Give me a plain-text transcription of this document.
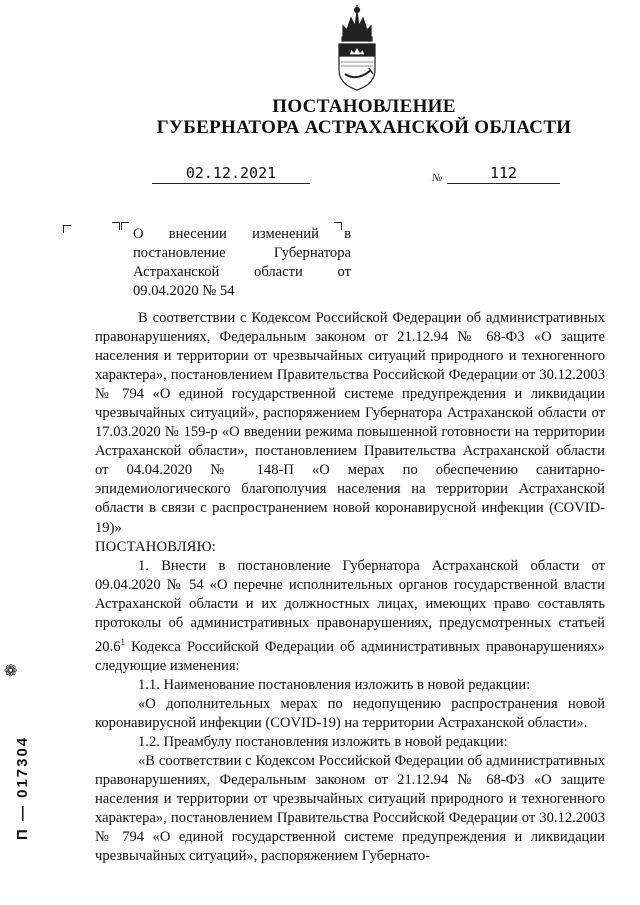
ПОСТАНОВЛЕНИЕ
ГУБЕРНАТОРА АСТРАХАНСКОЙ ОБЛАСТИ
02.12.2021	№	112
О внесении изменений в постановление Губернатора Астраханской области от 09.04.2020 № 54

В соответствии с Кодексом Российской Федерации об административных правонарушениях, Федеральным законом от 21.12.94 № 68-ФЗ «О защите населения и территории от чрезвычайных ситуаций природного и техногенного характера», постановлением Правительства Российской Федерации от 30.12.2003 № 794 «О единой государственной системе предупреждения и ликвидации чрезвычайных ситуаций», распоряжением Губернатора Астраханской области от 17.03.2020 № 159-р «О введении режима повышенной готовности на территории Астраханской области», постановлением Правительства Астраханской области от 04.04.2020 № 148-П «О мерах по обеспечению санитарно-эпидемиологического благополучия населения на территории Астраханской области в связи с распространением новой коронавирусной инфекции (COVID-19)»

ПОСТАНОВЛЯЮ:

1. Внести в постановление Губернатора Астраханской области от 09.04.2020 № 54 «О перечне исполнительных органов государственной власти Астраханской области и их должностных лицах, имеющих право составлять протоколы об административных правонарушениях, предусмотренных статьей 20.6$^1$ Кодекса Российской Федерации об административных правонарушениях» следующие изменения:

1.1. Наименование постановления изложить в новой редакции:

«О дополнительных мерах по недопущению распространения новой коронавирусной инфекции (COVID-19) на территории Астраханской области».

1.2. Преамбулу постановления изложить в новой редакции:

«В соответствии с Кодексом Российской Федерации об административных правонарушениях, Федеральным законом от 21.12.94 № 68-ФЗ «О защите населения и территории от чрезвычайных ситуаций природного и техногенного характера», постановлением Правительства Российской Федерации от 30.12.2003 № 794 «О единой государственной системе предупреждения и ликвидации чрезвычайных ситуаций», распоряжением Губернато-

❁
П — 017304
